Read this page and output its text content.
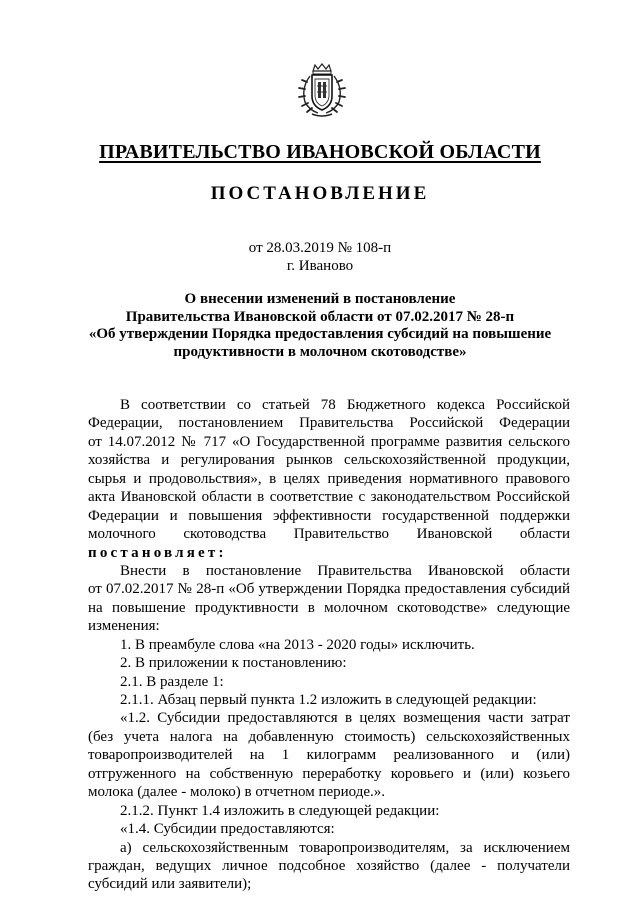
ПРАВИТЕЛЬСТВО ИВАНОВСКОЙ ОБЛАСТИ
ПОСТАНОВЛЕНИЕ
от 28.03.2019 № 108-п
г. Иваново
О внесении изменений в постановление
Правительства Ивановской области от 07.02.2017 № 28-п
«Об утверждении Порядка предоставления субсидий на повышение
продуктивности в молочном скотоводстве»
В соответствии со статьей 78 Бюджетного кодекса Российской
Федерации, постановлением Правительства Российской Федерации
от 14.07.2012 № 717 «О Государственной программе развития сельского
хозяйства и регулирования рынков сельскохозяйственной продукции,
сырья и продовольствия», в целях приведения нормативного правового
акта Ивановской области в соответствие с законодательством Российской
Федерации и повышения эффективности государственной поддержки
молочного скотоводства Правительство Ивановской области
постановляет:
Внести в постановление Правительства Ивановской области
от 07.02.2017 № 28-п «Об утверждении Порядка предоставления субсидий
на повышение продуктивности в молочном скотоводстве» следующие
изменения:
1. В преамбуле слова «на 2013 - 2020 годы» исключить.
2. В приложении к постановлению:
2.1. В разделе 1:
2.1.1. Абзац первый пункта 1.2 изложить в следующей редакции:
«1.2. Субсидии предоставляются в целях возмещения части затрат
(без учета налога на добавленную стоимость) сельскохозяйственных
товаропроизводителей на 1 килограмм реализованного и (или)
отгруженного на собственную переработку коровьего и (или) козьего
молока (далее - молоко) в отчетном периоде.».
2.1.2. Пункт 1.4 изложить в следующей редакции:
«1.4. Субсидии предоставляются:
а) сельскохозяйственным товаропроизводителям, за исключением
граждан, ведущих личное подсобное хозяйство (далее - получатели
субсидий или заявители);
